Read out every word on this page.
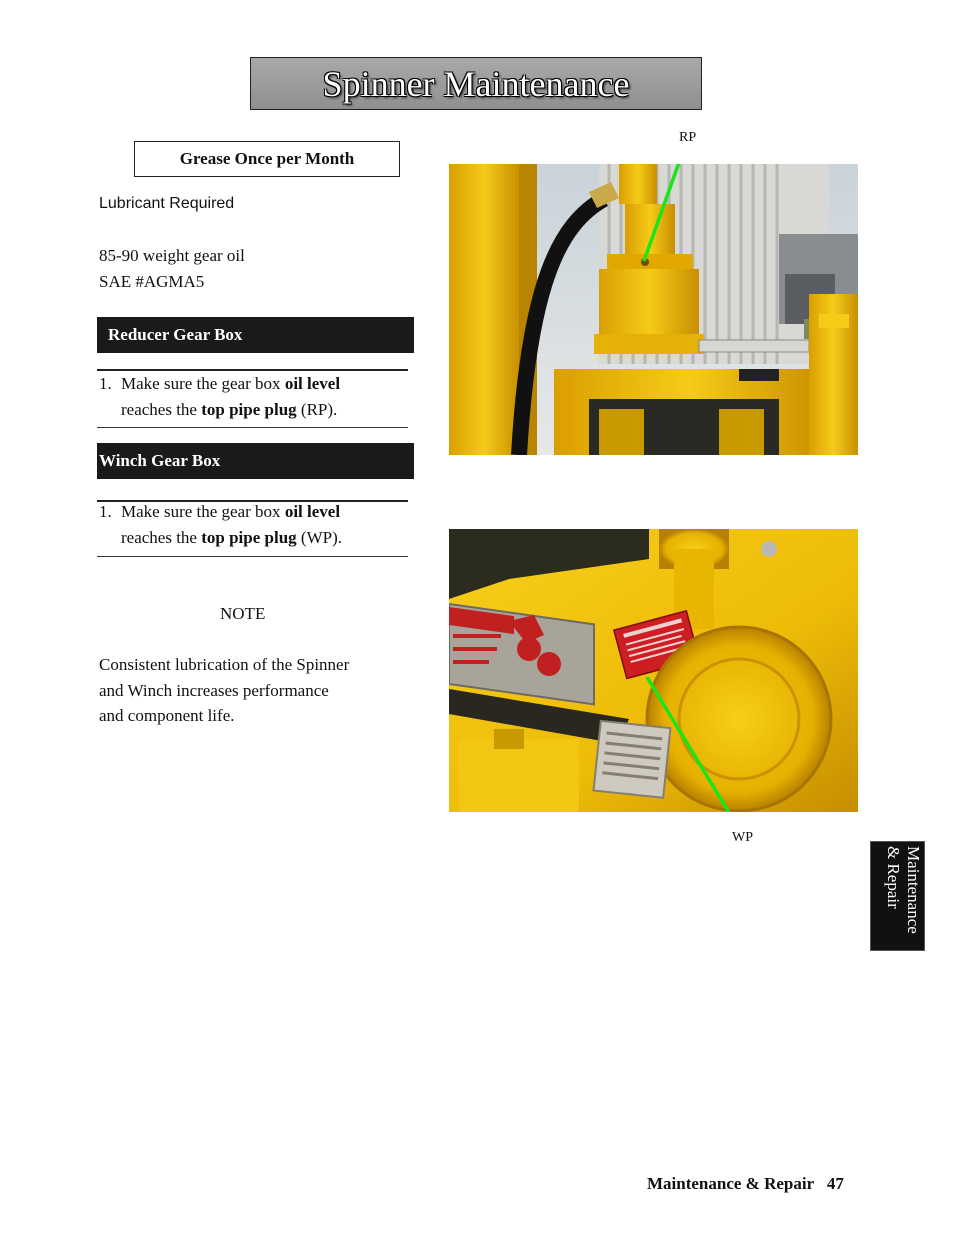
Spinner Maintenance
Grease Once per Month
Lubricant Required
85-90 weight gear oil
SAE #AGMA5
Reducer Gear Box
1. Make sure the gear box oil level
reaches the top pipe plug (RP).
Winch Gear Box
1. Make sure the gear box oil level
reaches the top pipe plug (WP).
NOTE
Consistent lubrication of the Spinner
and Winch increases performance
and component life.
RP
WP
Maintenance
& Repair
Maintenance & Repair 47
